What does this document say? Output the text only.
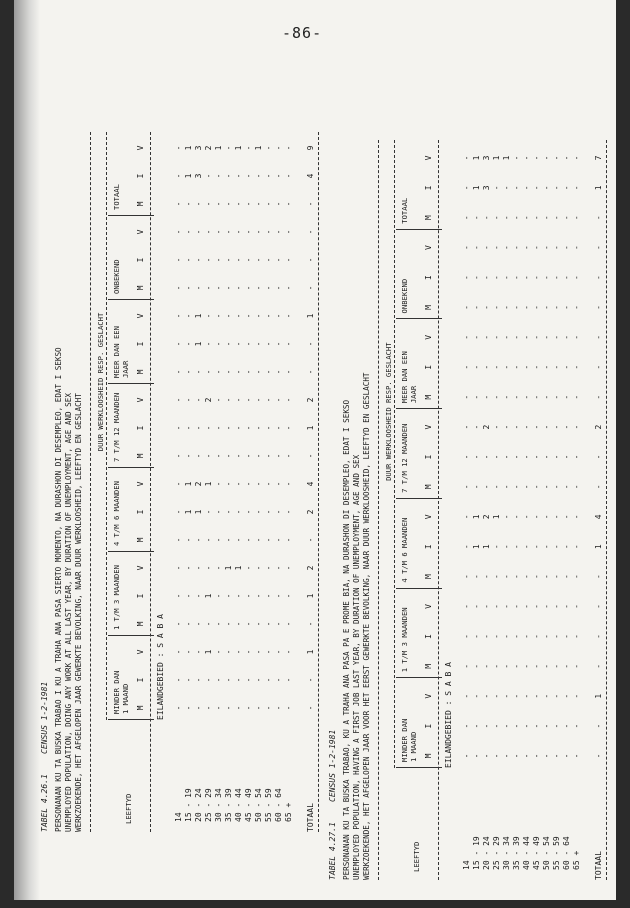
-86-
TABEL 4.26.1
CENSUS 1-2-1981 PERSONANAN KU TA BUSKA TRABAO I KU A TRAHA ANA PASA SIERTO MOMENTO, NA DURASHON DI DESEMPLEO, EDAT I SEKSO UNEMPLOYED POPULATION, DOING ANY WORK AT ALL LAST YEAR, BY DURATION OF UNEMPLOYMENT, AGE AND SEX WERKZOEKENDE, HET AFGELOPEN JAAR GEWERKTE BEVOLKING, NAAR DUUR WERKLOOSHEID, LEEFTYD EN GESLACHT
DUUR WERKLOOSHEID RESP. GESLACHT
LEEFTYD
MINDER DAN 1 MAAND M
I
V
1 T/M 3 MAANDEN M
I
V
4 T/M 6 MAANDEN M
I
V
7 T/M 12 MAANDEN M
I
V
MEER DAN EEN JAAR M
I
V
ONBEKEND M
I
V
TOTAAL M
I
V
EILANDGEBIED : S A B A
14
-
-
-
-
-
-
-
-
-
-
-
-
-
-
-
-
-
-
-
-
-
15 - 19
-
-
-
-
-
-
-
1
1
-
-
-
-
-
-
-
-
-
-
1
1
20 - 24
-
-
-
-
-
-
-
1
2
-
-
-
-
1
1
-
-
-
-
3
3
25 - 29
-
-
1
-
1
-
-
-
1
-
-
2
-
-
-
-
-
-
-
-
2
30 - 34
-
-
-
-
-
-
-
-
-
-
-
-
-
-
-
-
-
-
-
-
1
35 - 39
-
-
-
-
-
1
-
-
-
-
-
-
-
-
-
-
-
-
-
-
-
40 - 44
-
-
-
-
-
1
-
-
-
-
-
-
-
-
-
-
-
-
-
-
1
45 - 49
-
-
-
-
-
-
-
-
-
-
-
-
-
-
-
-
-
-
-
-
-
50 - 54
-
-
-
-
-
-
-
-
-
-
-
-
-
-
-
-
-
-
-
-
1
55 - 59
-
-
-
-
-
-
-
-
-
-
-
-
-
-
-
-
-
-
-
-
-
60 - 64
-
-
-
-
-
-
-
-
-
-
-
-
-
-
-
-
-
-
-
-
-
65 +
-
-
-
-
-
-
-
-
-
-
-
-
-
-
-
-
-
-
-
-
-
TOTAAL
-
-
1
-
1
2
-
2
4
-
1
2
-
-
1
-
-
-
-
4
9
TABEL 4.27.1
CENSUS 1-2-1981 PERSONANAN KU TA BUSKA TRABAO, KU A TRAHA ANA PASA PA E PROME BIA, NA DURASHON DI DESEMPLEO, EDAT I SEKSO UNEMPLOYED POPULATION, HAVING A FIRST JOB LAST YEAR, BY DURATION OF UNEMPLOYMENT, AGE AND SEX WERKZOEKENDE, HET AFGELOPEN JAAR VOOR HET EERST GEWERKTE BEVOLKING, NAAR DUUR WERKLOOSHEID, LEEFTYD EN GESLACHT DUUR WERKLOOSHEID RESP. GESLACHT
LEEFTYD
MINDER DAN 1 MAAND M
I
V
1 T/M 3 MAANDEN M
I
V
4 T/M 6 MAANDEN M
I
V
7 T/M 12 MAANDEN M
I
V
MEER DAN EEN JAAR M
I
V
ONBEKEND M
I
V
TOTAAL M
I
V
EILANDGEBIED : S A B A
14
-
-
-
-
-
-
-
-
-
-
-
-
-
-
-
-
-
-
-
-
-
15 - 19
-
-
-
-
-
-
-
1
1
-
-
-
-
-
-
-
-
-
-
1
1
20 - 24
-
-
-
-
-
-
-
1
2
-
-
2
-
-
-
-
-
-
-
3
3
25 - 29
-
-
-
-
-
-
-
-
1
-
-
-
-
-
-
-
-
-
-
-
1
30 - 34
-
-
-
-
-
-
-
-
-
-
-
-
-
-
-
-
-
-
-
-
1
35 - 39
-
-
-
-
-
-
-
-
-
-
-
-
-
-
-
-
-
-
-
-
-
40 - 44
-
-
-
-
-
-
-
-
-
-
-
-
-
-
-
-
-
-
-
-
-
45 - 49
-
-
-
-
-
-
-
-
-
-
-
-
-
-
-
-
-
-
-
-
-
50 - 54
-
-
-
-
-
-
-
-
-
-
-
-
-
-
-
-
-
-
-
-
-
55 - 59
-
-
-
-
-
-
-
-
-
-
-
-
-
-
-
-
-
-
-
-
-
60 - 64
-
-
-
-
-
-
-
-
-
-
-
-
-
-
-
-
-
-
-
-
-
65 +
-
-
-
-
-
-
-
-
-
-
-
-
-
-
-
-
-
-
-
-
-
TOTAAL
-
-
1
-
-
-
-
1
4
-
-
2
-
-
-
-
-
-
-
1
7
